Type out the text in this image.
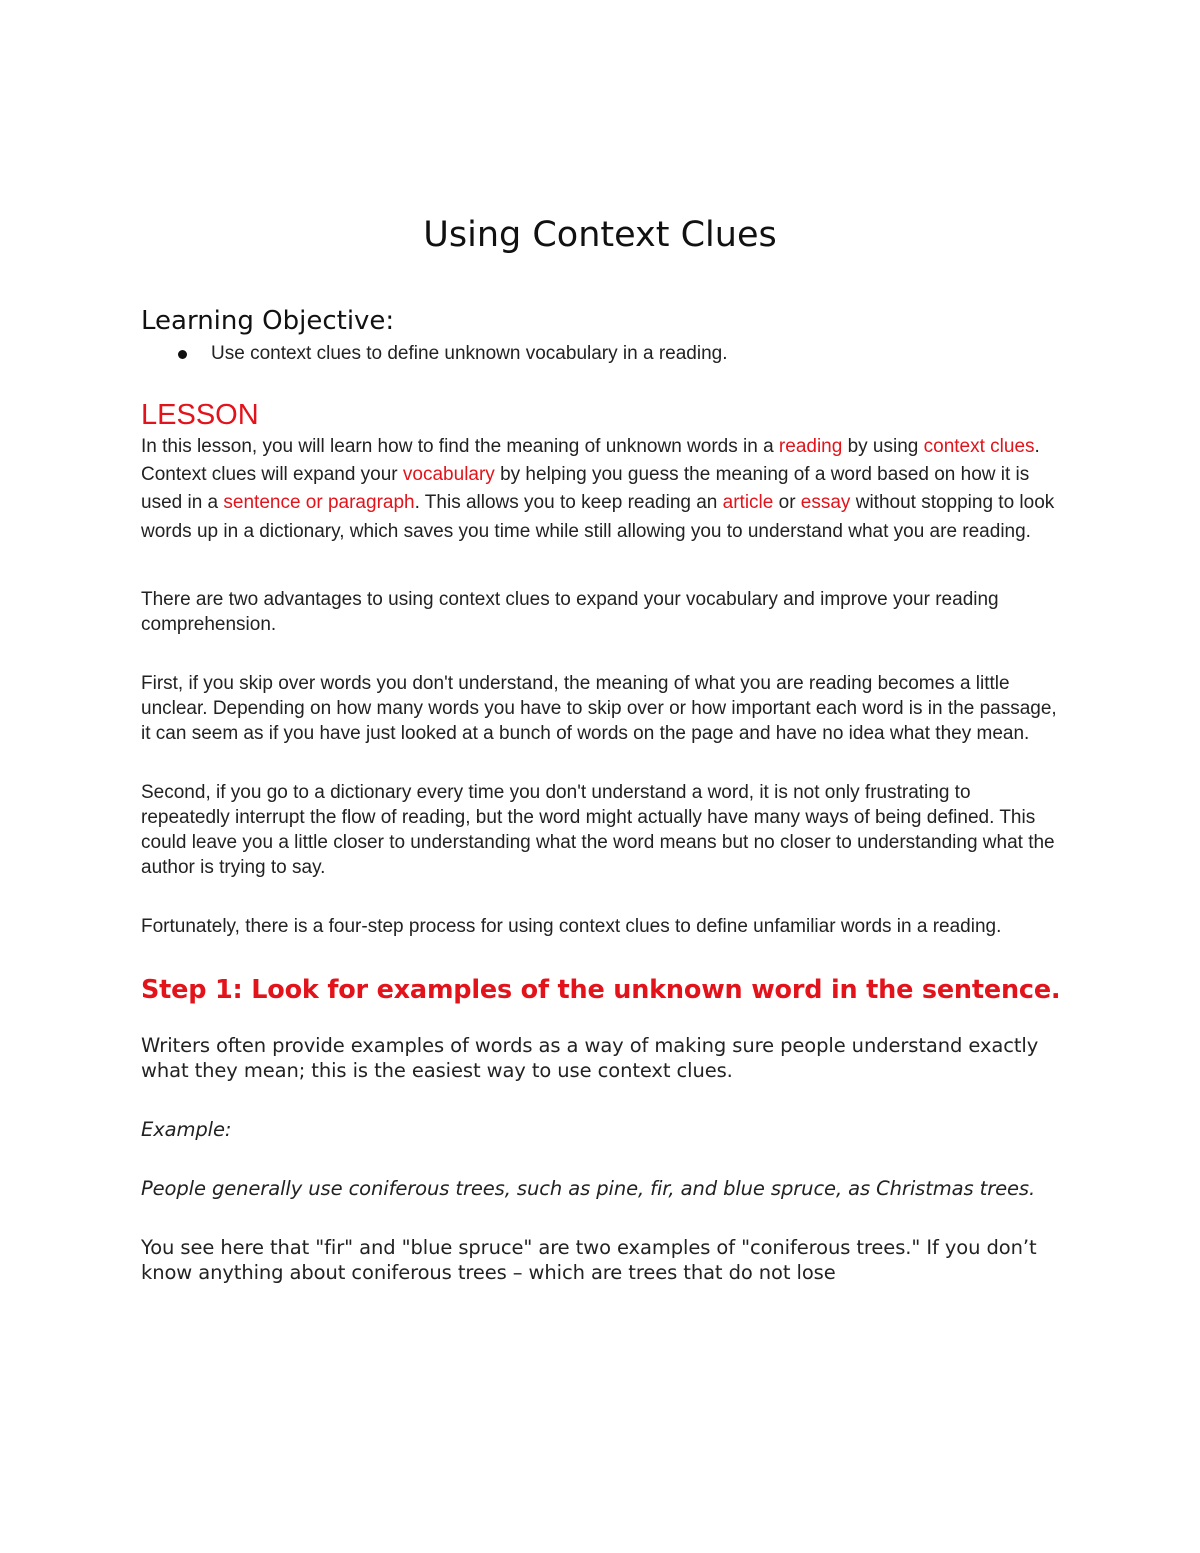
Using Context Clues
Learning Objective:
Use context clues to define unknown vocabulary in a reading.
LESSON

In this lesson, you will learn how to find the meaning of unknown words in a reading by using context clues. Context clues will expand your vocabulary by helping you guess the meaning of a word based on how it is used in a sentence or paragraph. This allows you to keep reading an article or essay without stopping to look words up in a dictionary, which saves you time while still allowing you to understand what you are reading.

There are two advantages to using context clues to expand your vocabulary and improve your reading comprehension.

First, if you skip over words you don't understand, the meaning of what you are reading becomes a little unclear. Depending on how many words you have to skip over or how important each word is in the passage, it can seem as if you have just looked at a bunch of words on the page and have no idea what they mean.

Second, if you go to a dictionary every time you don't understand a word, it is not only frustrating to repeatedly interrupt the flow of reading, but the word might actually have many ways of being defined. This could leave you a little closer to understanding what the word means but no closer to understanding what the author is trying to say.

Fortunately, there is a four-step process for using context clues to define unfamiliar words in a reading.

Step 1: Look for examples of the unknown word in the sentence.

Writers often provide examples of words as a way of making sure people understand exactly what they mean; this is the easiest way to use context clues.

Example:

People generally use coniferous trees, such as pine, fir, and blue spruce, as Christmas trees.

You see here that "fir" and "blue spruce" are two examples of "coniferous trees." If you don’t know anything about coniferous trees – which are trees that do not lose
